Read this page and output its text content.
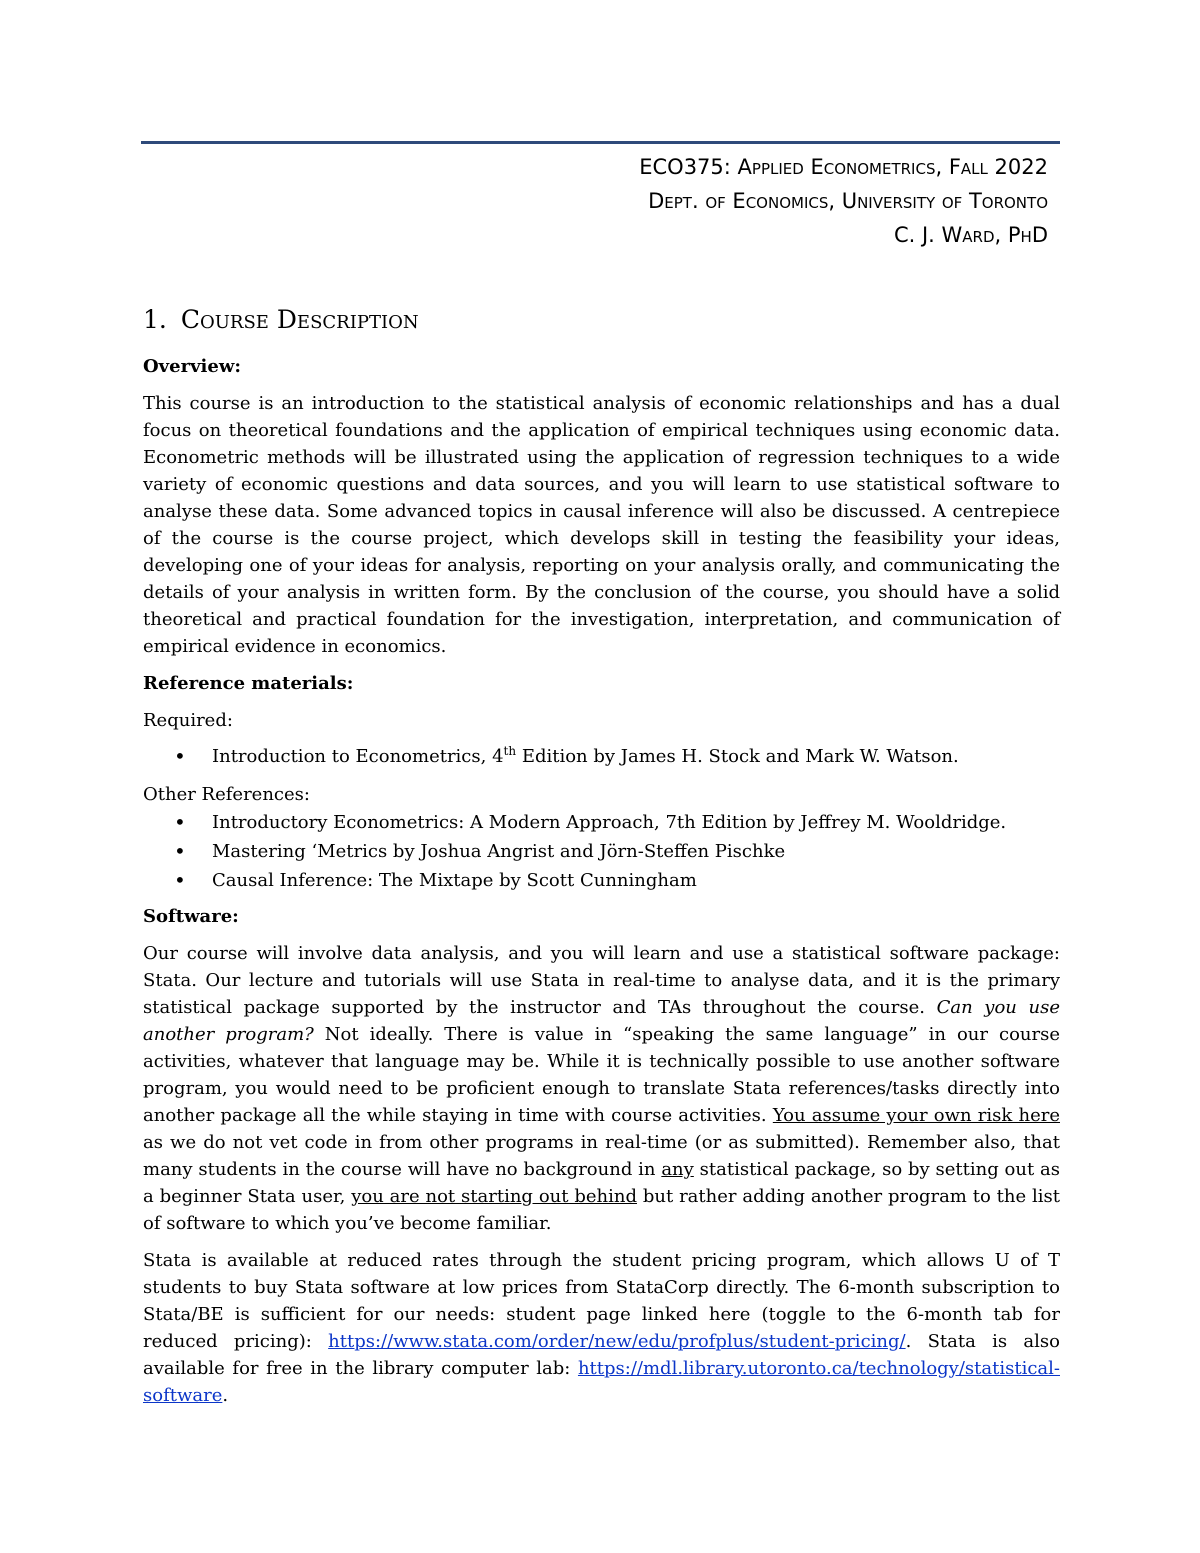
ECO375: Applied Econometrics, Fall 2022
Dept. of Economics, University of Toronto
C. J. Ward, PhD
1. Course Description
Overview:

This course is an introduction to the statistical analysis of economic relationships and has a dual focus on theoretical foundations and the application of empirical techniques using economic data. Econometric methods will be illustrated using the application of regression techniques to a wide variety of economic questions and data sources, and you will learn to use statistical software to analyse these data. Some advanced topics in causal inference will also be discussed. A centrepiece of the course is the course project, which develops skill in testing the feasibility your ideas, developing one of your ideas for analysis, reporting on your analysis orally, and communicating the details of your analysis in written form. By the conclusion of the course, you should have a solid theoretical and practical foundation for the investigation, interpretation, and communication of empirical evidence in economics.

Reference materials:
Required:
• Introduction to Econometrics, 4th Edition by James H. Stock and Mark W. Watson.
Other References:
• Introductory Econometrics: A Modern Approach, 7th Edition by Jeffrey M. Wooldridge.
• Mastering ‘Metrics by Joshua Angrist and Jörn-Steffen Pischke
• Causal Inference: The Mixtape by Scott Cunningham
Software:

Our course will involve data analysis, and you will learn and use a statistical software package: Stata. Our lecture and tutorials will use Stata in real-time to analyse data, and it is the primary statistical package supported by the instructor and TAs throughout the course. Can you use another program? Not ideally. There is value in “speaking the same language” in our course activities, whatever that language may be. While it is technically possible to use another software program, you would need to be proficient enough to translate Stata references/tasks directly into another package all the while staying in time with course activities. You assume your own risk here as we do not vet code in from other programs in real-time (or as submitted). Remember also, that many students in the course will have no background in any statistical package, so by setting out as a beginner Stata user, you are not starting out behind but rather adding another program to the list of software to which you’ve become familiar.

Stata is available at reduced rates through the student pricing program, which allows U of T students to buy Stata software at low prices from StataCorp directly. The 6-month subscription to Stata/BE is sufficient for our needs: student page linked here (toggle to the 6-month tab for reduced pricing): https://www.stata.com/order/new/edu/profplus/student-pricing/. Stata is also available for free in the library computer lab: https://mdl.library.utoronto.ca/technology/statistical-software.
